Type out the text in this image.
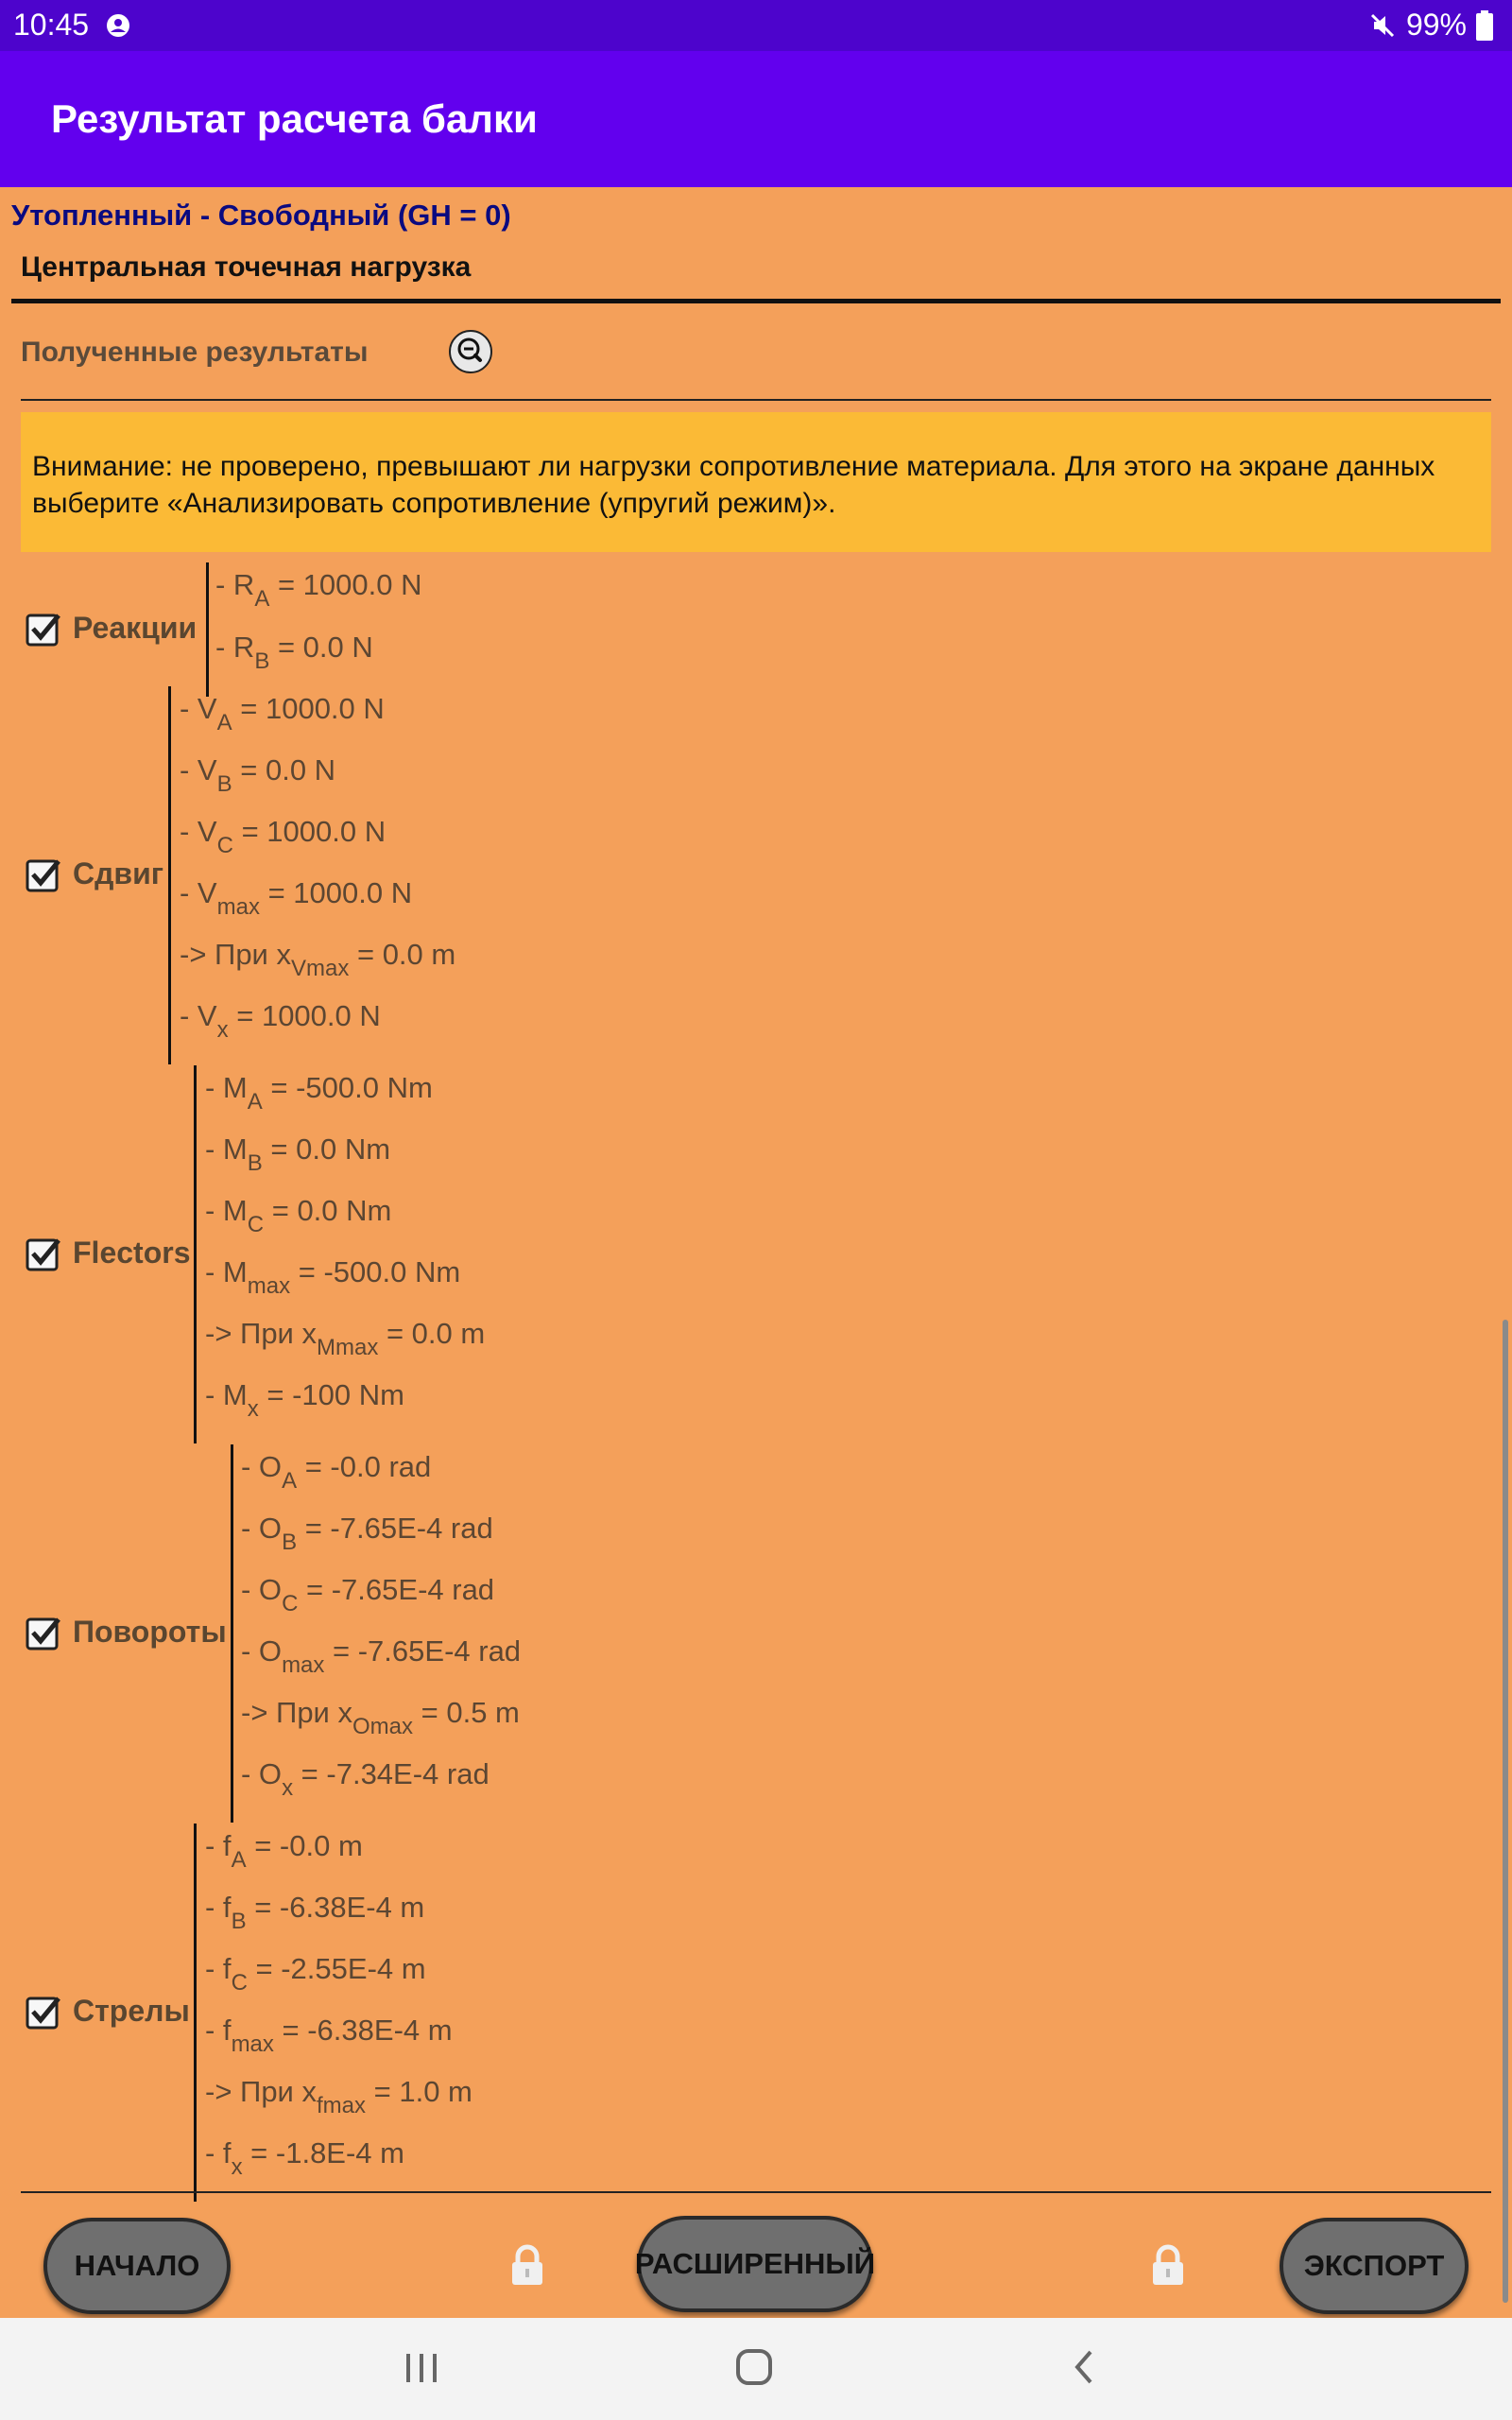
10:45	99%
Результат расчета балки
Утопленный - Свободный (GH = 0)
Центральная точечная нагрузка
Полученные результаты
Внимание: не проверено, превышают ли нагрузки сопротивление материала. Для этого на экране данных выберите «Анализировать сопротивление (упругий режим)».
Реакции
- $R_A = 1000.0$ N
- $R_B = 0.0$ N
Сдвиг
- $V_A = 1000.0$ N
- $V_B = 0.0$ N
- $V_C = 1000.0$ N
- $V_{max} = 1000.0$ N
-> При $x_{Vmax} = 0.0$ m
- $V_x = 1000.0$ N
Flectors
- $M_A = -500.0$ Nm
- $M_B = 0.0$ Nm
- $M_C = 0.0$ Nm
- $M_{max} = -500.0$ Nm
-> При $x_{Mmax} = 0.0$ m
- $M_x = -100$ Nm
Повороты
- $O_A = -0.0$ rad
- $O_B = -7.65E-4$ rad
- $O_C = -7.65E-4$ rad
- $O_{max} = -7.65E-4$ rad
-> При $x_{Omax} = 0.5$ m
- $O_x = -7.34E-4$ rad
Стрелы
- $f_A = -0.0$ m
- $f_B = -6.38E-4$ m
- $f_C = -2.55E-4$ m
- $f_{max} = -6.38E-4$ m
-> При $x_{fmax} = 1.0$ m
- $f_x = -1.8E-4$ m
НАЧАЛО	РАСШИРЕННЫЙ	ЭКСПОРТ
